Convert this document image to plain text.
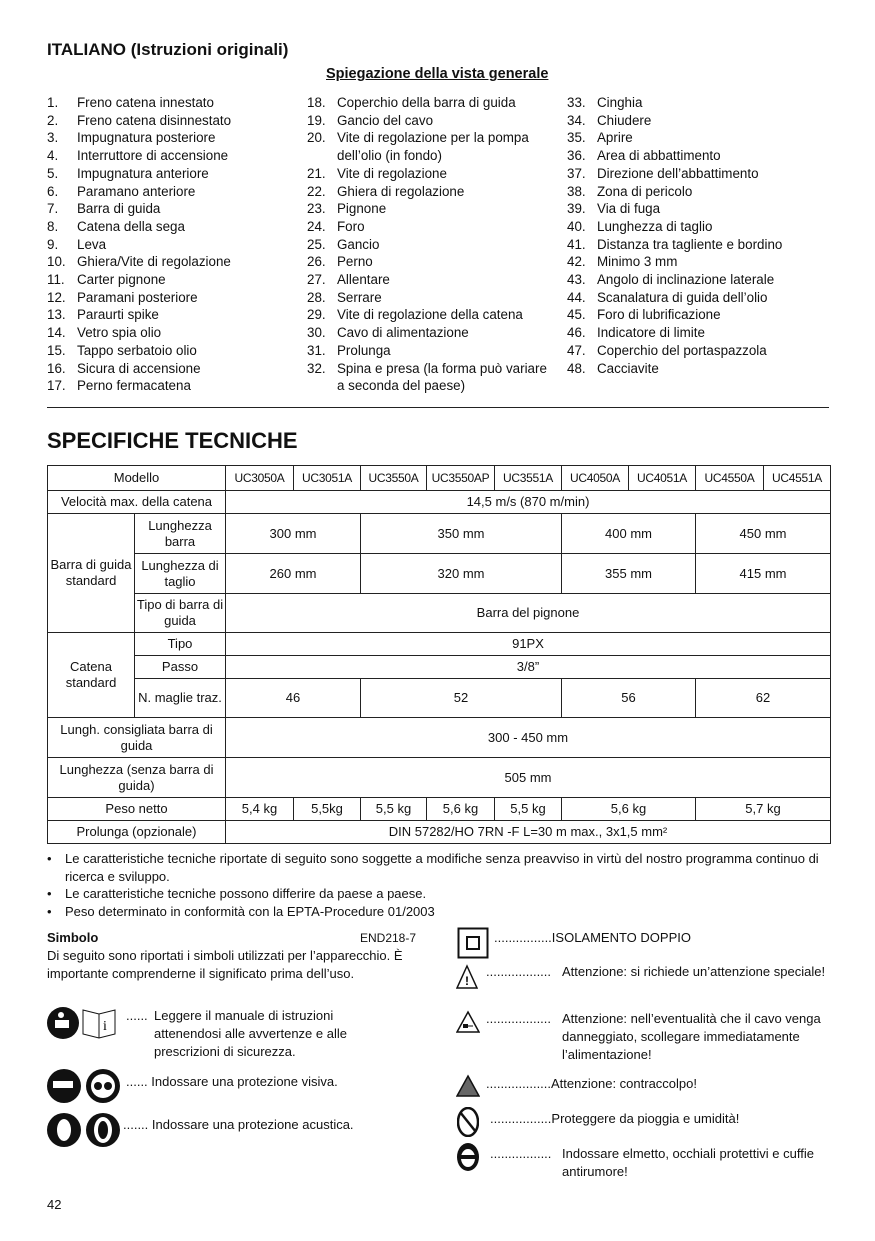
ITALIANO (Istruzioni originali)
Spiegazione della vista generale
1.	Freno catena innestato
2.	Freno catena disinnestato
3.	Impugnatura posteriore
4.	Interruttore di accensione
5.	Impugnatura anteriore
6.	Paramano anteriore
7.	Barra di guida
8.	Catena della sega
9.	Leva
10. Ghiera/Vite di regolazione
11. Carter pignone
12. Paramani posteriore
13. Paraurti spike
14. Vetro spia olio
15. Tappo serbatoio olio
16. Sicura di accensione
17. Perno fermacatena
18. Coperchio della barra di guida
19. Gancio del cavo
20. Vite di regolazione per la pompa dell’olio (in fondo)
21. Vite di regolazione
22. Ghiera di regolazione
23. Pignone
24. Foro
25. Gancio
26. Perno
27. Allentare
28. Serrare
29. Vite di regolazione della catena
30. Cavo di alimentazione
31. Prolunga
32. Spina e presa (la forma può variare a seconda del paese)
33. Cinghia
34. Chiudere
35. Aprire
36. Area di abbattimento
37. Direzione dell’abbattimento
38. Zona di pericolo
39. Via di fuga
40. Lunghezza di taglio
41. Distanza tra tagliente e bordino
42. Minimo 3 mm
43. Angolo di inclinazione laterale
44. Scanalatura di guida dell’olio
45. Foro di lubrificazione
46. Indicatore di limite
47. Coperchio del portaspazzola
48. Cacciavite
SPECIFICHE TECNICHE
Modello		UC3050A	UC3051A	UC3550A	UC3550AP	UC3551A	UC4050A	UC4051A	UC4550A	UC4551A
Velocità max. della catena		14,5 m/s (870 m/min)								
Barra di guida standard	Lunghezza barra	300 mm		350 mm			400 mm		450 mm	
	Lunghezza di taglio	260 mm		320 mm			355 mm		415 mm	
	Tipo di barra di guida	Barra del pignone								
Catena standard	Tipo	91PX								
	Passo	3/8”								
	N. maglie traz.	46		52			56		62	
Lungh. consigliata barra di guida		300 - 450 mm								
Lunghezza (senza barra di guida)		505 mm								
Peso netto		5,4 kg	5,5kg	5,5 kg	5,6 kg	5,5 kg	5,6 kg		5,7 kg	
Prolunga (opzionale)		DIN 57282/HO 7RN -F L=30 m max., 3x1,5 mm²								
•	Le caratteristiche tecniche riportate di seguito sono soggette a modifiche senza preavviso in virtù del nostro programma continuo di ricerca e sviluppo.
•	Le caratteristiche tecniche possono differire da paese a paese.
•	Peso determinato in conformità con la EPTA-Procedure 01/2003
Simbolo	END218-7
Di seguito sono riportati i simboli utilizzati per l’apparecchio. È importante comprenderne il significato prima dell’uso.
i
...... Leggere il manuale di istruzioni attenendosi alle avvertenze e alle prescrizioni di sicurezza.
...... Indossare una protezione visiva.
....... Indossare una protezione acustica.
!
................ISOLAMENTO DOPPIO
.................. Attenzione: si richiede un’attenzione speciale!
.................. Attenzione: nell’eventualità che il cavo venga danneggiato, scollegare immediatamente l’alimentazione!
..................Attenzione: contraccolpo!
.................Proteggere da pioggia e umidità!
................. Indossare elmetto, occhiali protettivi e cuffie antirumore!
42
